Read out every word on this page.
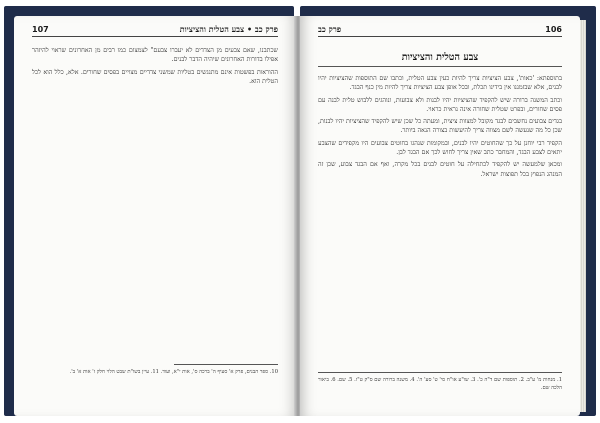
107	פרק כב • צבע הטלית והציציות

שכתבנו, שאם צבעים מן הצדדים לא יעברו צבעם" לצמצום כמו רבים מן האחרונים שראוי להיזהר אפילו בדורות האחרונים שיהיה הדבר לבנים.

ההוראות בפשטות אינם מתנגשים בטליות שמשני צדדיים מצויים בפסים שחורים. אלא, כלל הוא לכל הטלית הוא.

10. ספר הבנים, פרק א' סעיף ה' ברכה ס', אות י"א, ועוד. 11. עיין בשו"ת שבט הלוי חלק ז' אות א' ב'.
פרק כב	106
צבע הטלית והציציות

בתוספתא: 'כאות', צבע הציציות צריך להיות כעין צבע הטלית, וכתבו שם התוספות שהציציות יהיו לבנים, אלא שבזמננו אין בידינו תכלת, ובכל אופן צבע הציציות צריך להיות מין כנף הבגד.

וכתב המשנה ברורה שיש להקפיד שהציציות יהיו לבנות ולא צבועות, ונוהגים ללבוש טלית לבנה עם פסים שחורים, ובפרט שטלית שחורה אינה נראית כראוי.

בגדים צבועים נחשבים לבגד מקובל למצוות ציצית, ומעתה כל שכן שיש להקפיד שהציציות יהיו לבנות, שכן כל מה שנעשה לשם מצווה צריך להיעשות בצורה הנאה ביותר.

הקפיד רבי יוחנן על כך שהחוטים יהיו לבנים, ובמקומות שנהגו בחוטים צבועים היו מקפידים שהצבע יתאים לצבע הבגד, והמחבר כתב שאין צריך לחוש לכך אם הבגד לבן.

ומכאן שלמעשה יש להקפיד לכתחילה על חוטים לבנים בכל מקרה, ואף אם הבגד צבוע, שכן זה המנהג הנפוץ בכל תפוצות ישראל.

1. מנחות מ' ע"ב. 2. תוספות שם ד"ה כ'. 3. שו"ע או"ח סי' ט' סע' ה'. 4. משנה ברורה שם ס"ק ט"ז. 5. שם. 6. ביאור הלכה שם.
